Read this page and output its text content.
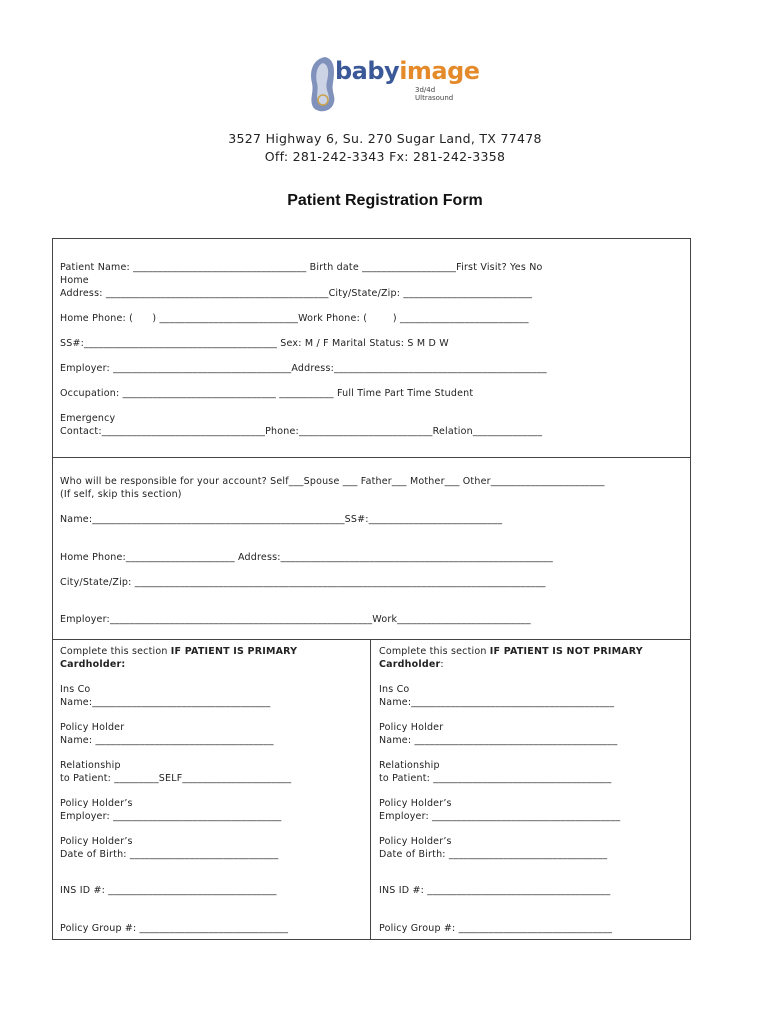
babyimage
3d/4d Ultrasound
3527 Highway 6, Su. 270 Sugar Land, TX 77478
Off: 281-242-3343 Fx: 281-242-3358
Patient Registration Form
Patient Name: ___________________________________ Birth date ___________________First Visit? Yes No
Home
Address: _____________________________________________City/State/Zip: __________________________
Home Phone: (      ) ____________________________Work Phone: (        ) __________________________
SS#:_______________________________________ Sex: M / F Marital Status: S M D W
Employer: ____________________________________Address:___________________________________________
Occupation: _______________________________ ___________ Full Time Part Time Student
Emergency
Contact:_________________________________Phone:___________________________Relation______________
Who will be responsible for your account? Self___Spouse ___ Father___ Mother___ Other_______________________
(If self, skip this section)
Name:___________________________________________________SS#:___________________________
Home Phone:______________________ Address:_______________________________________________________
City/State/Zip: ___________________________________________________________________________________
Employer:_____________________________________________________Work___________________________
Complete this section IF PATIENT IS PRIMARY
Cardholder:
Ins Co
Name:____________________________________
Policy Holder
Name: ____________________________________
Relationship
to Patient: _________SELF______________________
Policy Holder’s
Employer: __________________________________
Policy Holder’s
Date of Birth: ______________________________
INS ID #: __________________________________
Policy Group #: ______________________________
Complete this section IF PATIENT IS NOT PRIMARY
Cardholder:
Ins Co
Name:_________________________________________
Policy Holder
Name: _________________________________________
Relationship
to Patient: ____________________________________
Policy Holder’s
Employer: ______________________________________
Policy Holder’s
Date of Birth: ________________________________
INS ID #: _____________________________________
Policy Group #: _______________________________
